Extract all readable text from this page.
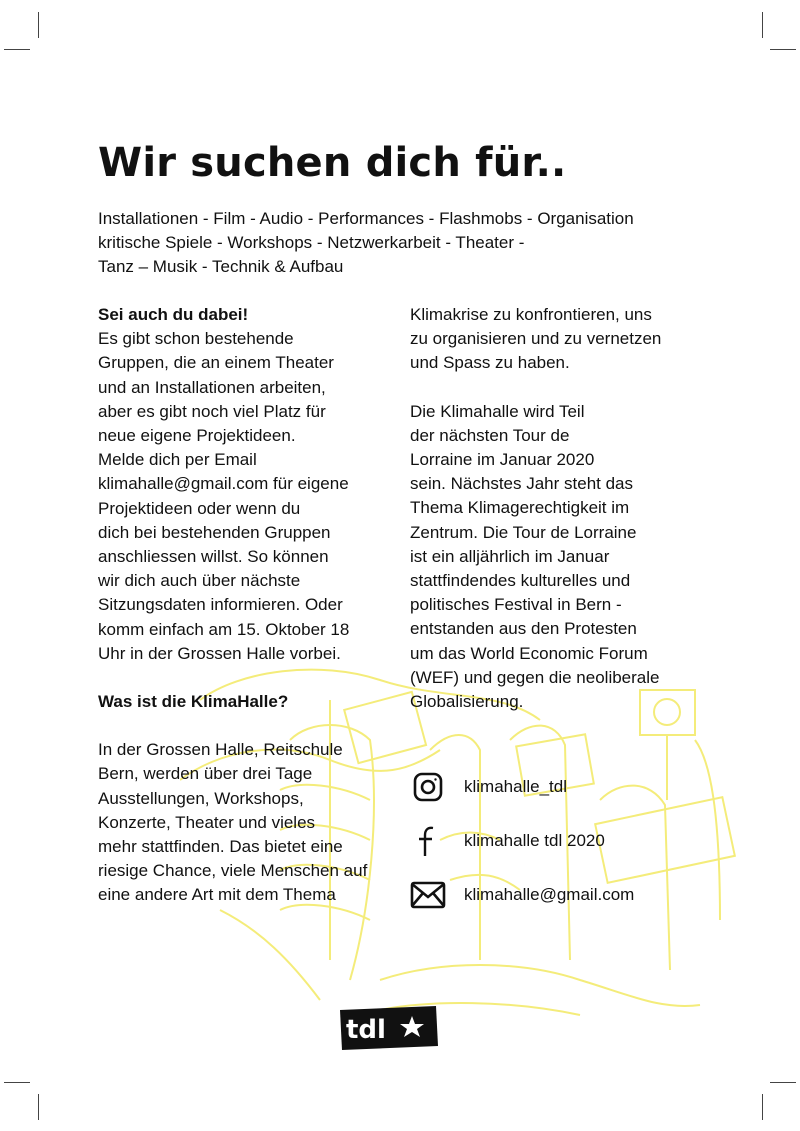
Wir suchen dich für..
Installationen - Film - Audio - Performances - Flashmobs - Organisation
kritische Spiele - Workshops - Netzwerkarbeit - Theater -
Tanz – Musik - Technik & Aufbau

Sei auch du dabei!

Es gibt schon bestehende

Gruppen, die an einem Theater

und an Installationen arbeiten,

aber es gibt noch viel Platz für

neue eigene Projektideen.

Melde dich per Email

klimahalle@gmail.com für eigene

Projektideen oder wenn du

dich bei bestehenden Gruppen

anschliessen willst. So können

wir dich auch über nächste

Sitzungsdaten informieren. Oder

komm einfach am 15. Oktober 18

Uhr in der Grossen Halle vorbei.

Was ist die KlimaHalle?

In der Grossen Halle, Reitschule

Bern, werden über drei Tage

Ausstellungen, Workshops,

Konzerte, Theater und vieles

mehr stattfinden. Das bietet eine

riesige Chance, viele Menschen auf

eine andere Art mit dem Thema

Klimakrise zu konfrontieren, uns

zu organisieren und zu vernetzen

und Spass zu haben.

Die Klimahalle wird Teil

der nächsten Tour de

Lorraine im Januar 2020

sein. Nächstes Jahr steht das

Thema Klimagerechtigkeit im

Zentrum. Die Tour de Lorraine

ist ein alljährlich im Januar

stattfindendes kulturelles und

politisches Festival in Bern -

entstanden aus den Protesten

um das World Economic Forum

(WEF) und gegen die neoliberale

Globalisierung.

klimahalle_tdl
klimahalle tdl 2020
klimahalle@gmail.com
tdl
